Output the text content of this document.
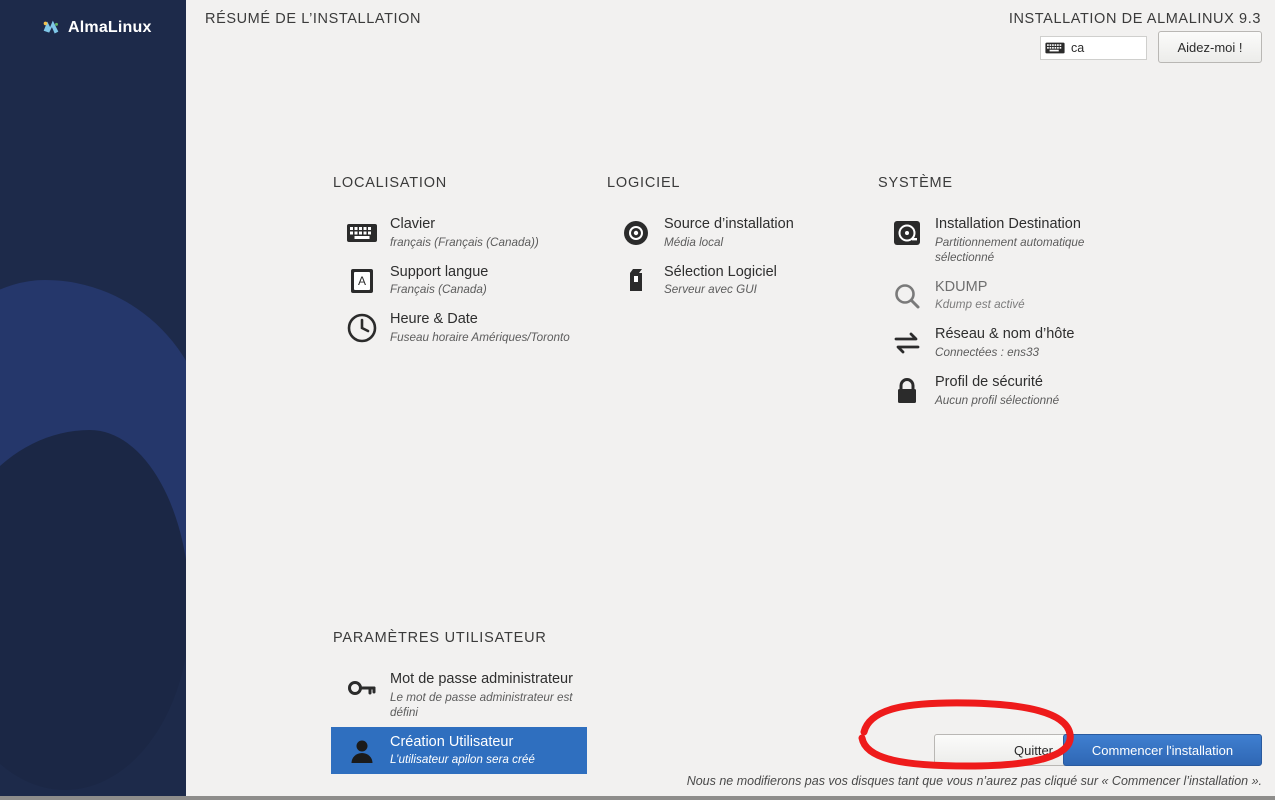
AlmaLinux	RÉSUMÉ DE L’INSTALLATION	INSTALLATION DE ALMALINUX 9.3
ca	Aidez-moi !
LOCALISATION
Clavier
français (Français (Canada))
A
Support langue
Français (Canada)
Heure & Date
Fuseau horaire Amériques/Toronto
LOGICIEL
Source d’installation
Média local
Sélection Logiciel
Serveur avec GUI
SYSTÈME
Installation Destination
Partitionnement automatique sélectionné
KDUMP
Kdump est activé
Réseau & nom d’hôte
Connectées : ens33
Profil de sécurité
Aucun profil sélectionné
PARAMÈTRES UTILISATEUR
Mot de passe administrateur
Le mot de passe administrateur est défini
Création Utilisateur
L’utilisateur apilon sera créé
Quitter	Commencer l'installation
Nous ne modifierons pas vos disques tant que vous n’aurez pas cliqué sur « Commencer l’installation ».
